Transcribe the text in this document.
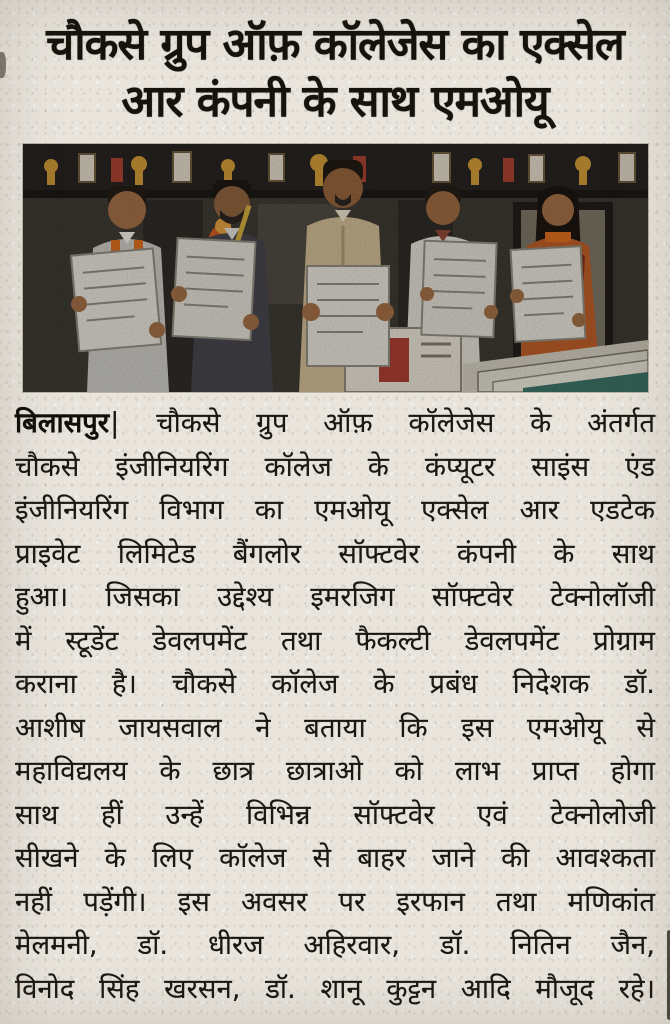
चौकसे ग्रुप ऑफ़ कॉलेजेस का एक्सेल
आर कंपनी के साथ एमओयू
बिलासपुर| चौकसे ग्रुप ऑफ़ कॉलेजेस के अंतर्गत
चौकसे इंजीनियरिंग कॉलेज के कंप्यूटर साइंस एंड
इंजीनियरिंग विभाग का एमओयू एक्सेल आर एडटेक
प्राइवेट लिमिटेड बैंगलोर सॉफ्टवेर कंपनी के साथ
हुआ। जिसका उद्देश्य इमरजिग सॉफ्टवेर टेक्नोलॉजी
में स्टूडेंट डेवलपमेंट तथा फैकल्टी डेवलपमेंट प्रोग्राम
कराना है। चौकसे कॉलेज के प्रबंध निदेशक डॉ.
आशीष जायसवाल ने बताया कि इस एमओयू से
महाविद्यलय के छात्र छात्राओ को लाभ प्राप्त होगा
साथ हीं उन्हें विभिन्न सॉफ्टवेर एवं टेक्नोलोजी
सीखने के लिए कॉलेज से बाहर जाने की आवश्कता
नहीं पड़ेंगी। इस अवसर पर इरफान तथा मणिकांत
मेलमनी, डॉ. धीरज अहिरवार, डॉ. नितिन जैन,
विनोद सिंह खरसन, डॉ. शानू कुट्टन आदि मौजूद रहे।
